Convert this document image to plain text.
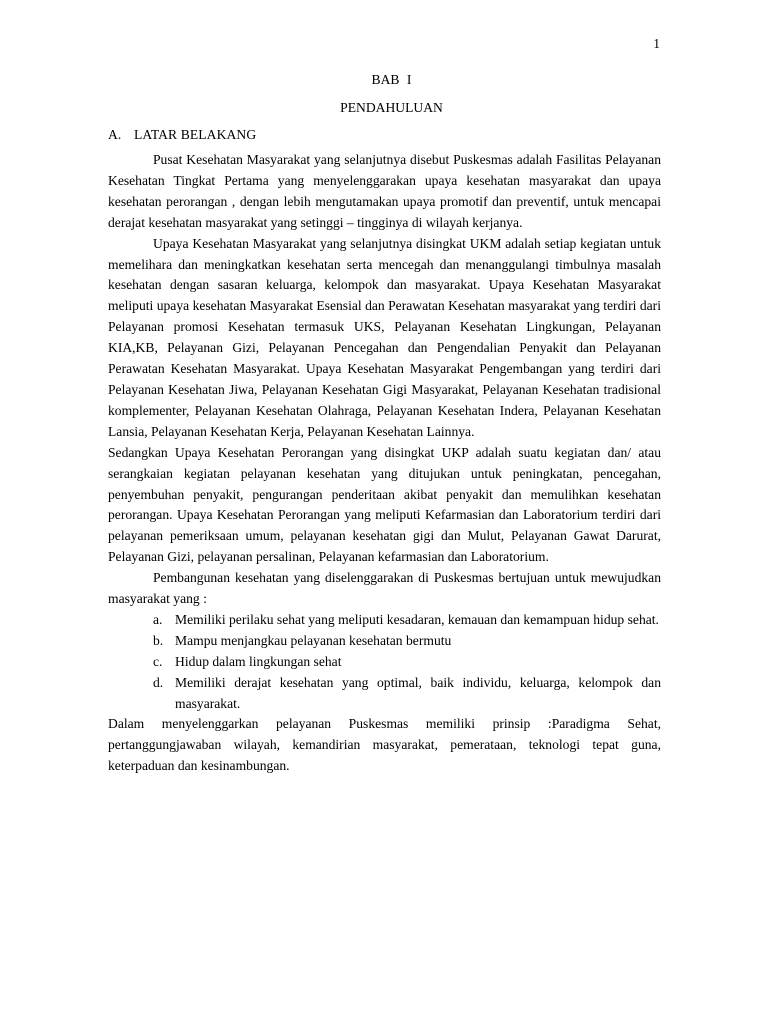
1
BAB I
PENDAHULUAN
A. LATAR BELAKANG

Pusat Kesehatan Masyarakat yang selanjutnya disebut Puskesmas adalah Fasilitas Pelayanan Kesehatan Tingkat Pertama yang menyelenggarakan upaya kesehatan masyarakat dan upaya kesehatan perorangan , dengan lebih mengutamakan upaya promotif dan preventif, untuk mencapai derajat kesehatan masyarakat yang setinggi – tingginya di wilayah kerjanya.

Upaya Kesehatan Masyarakat yang selanjutnya disingkat UKM adalah setiap kegiatan untuk memelihara dan meningkatkan kesehatan serta mencegah dan menanggulangi timbulnya masalah kesehatan dengan sasaran keluarga, kelompok dan masyarakat. Upaya Kesehatan Masyarakat meliputi upaya kesehatan Masyarakat Esensial dan Perawatan Kesehatan masyarakat yang terdiri dari Pelayanan promosi Kesehatan termasuk UKS, Pelayanan Kesehatan Lingkungan, Pelayanan KIA,KB, Pelayanan Gizi, Pelayanan Pencegahan dan Pengendalian Penyakit dan Pelayanan Perawatan Kesehatan Masyarakat. Upaya Kesehatan Masyarakat Pengembangan yang terdiri dari Pelayanan Kesehatan Jiwa, Pelayanan Kesehatan Gigi Masyarakat, Pelayanan Kesehatan tradisional komplementer, Pelayanan Kesehatan Olahraga, Pelayanan Kesehatan Indera, Pelayanan Kesehatan Lansia, Pelayanan Kesehatan Kerja, Pelayanan Kesehatan Lainnya.

Sedangkan Upaya Kesehatan Perorangan yang disingkat UKP adalah suatu kegiatan dan/ atau serangkaian kegiatan pelayanan kesehatan yang ditujukan untuk peningkatan, pencegahan, penyembuhan penyakit, pengurangan penderitaan akibat penyakit dan memulihkan kesehatan perorangan. Upaya Kesehatan Perorangan yang meliputi Kefarmasian dan Laboratorium terdiri dari pelayanan pemeriksaan umum, pelayanan kesehatan gigi dan Mulut, Pelayanan Gawat Darurat, Pelayanan Gizi, pelayanan persalinan, Pelayanan kefarmasian dan Laboratorium.

Pembangunan kesehatan yang diselenggarakan di Puskesmas bertujuan untuk mewujudkan masyarakat yang :

a. Memiliki perilaku sehat yang meliputi kesadaran, kemauan dan kemampuan hidup sehat.
b. Mampu menjangkau pelayanan kesehatan bermutu
c. Hidup dalam lingkungan sehat
d. Memiliki derajat kesehatan yang optimal, baik individu, keluarga, kelompok dan masyarakat.

Dalam menyelenggarkan pelayanan Puskesmas memiliki prinsip :Paradigma Sehat, pertanggungjawaban wilayah, kemandirian masyarakat, pemerataan, teknologi tepat guna, keterpaduan dan kesinambungan.
